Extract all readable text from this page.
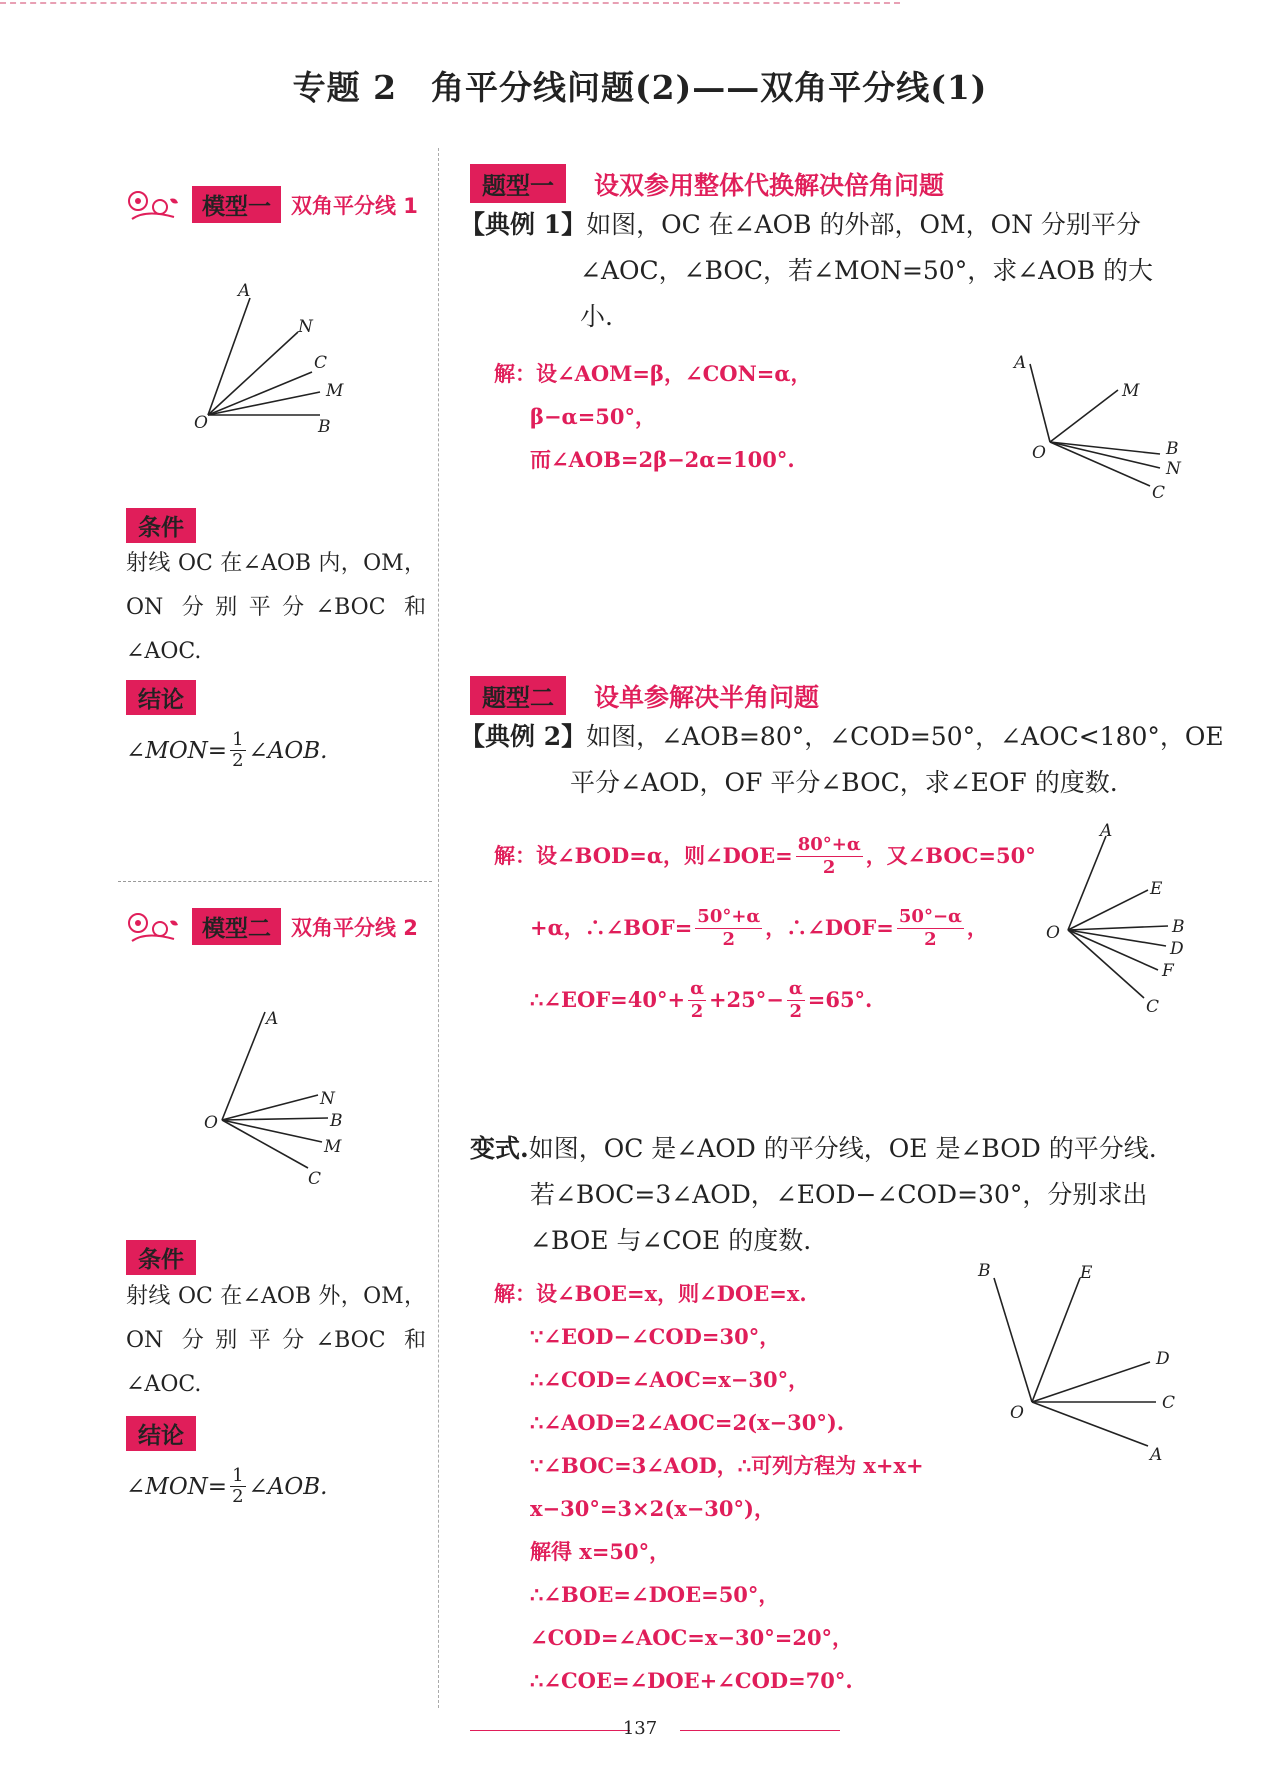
专题 2　角平分线问题(2)——双角平分线(1)
模型一 双角平分线 1
A
N
C
M
O	B
条件
射线 OC 在∠AOB 内，OM，ON 分别平分∠BOC 和∠AOC.
结论
∠MON= $\frac{1}{2}$ ∠AOB.
模型二 双角平分线 2
A
N
B
M
O
C
条件
射线 OC 在∠AOB 外，OM，ON 分别平分∠BOC 和∠AOC.
结论
∠MON= $\frac{1}{2}$ ∠AOB.
题型一	设双参用整体代换解决倍角问题
【典例 1】如图，OC 在∠AOB 的外部，OM，ON 分别平分
∠AOC，∠BOC，若∠MON=50°，求∠AOB 的大
小.
解：设∠AOM=β，∠CON=α，
β−α=50°，
而∠AOB=2β−2α=100°.
A
M
O	B
N
C
题型二	设单参解决半角问题
【典例 2】如图，∠AOB=80°，∠COD=50°，∠AOC<180°，OE
平分∠AOD，OF 平分∠BOC，求∠EOF 的度数.
解：设∠BOD=α，则∠DOE= $\frac{80^\circ+\alpha}{2}$ ，又∠BOC=50°
+α，∴∠BOF= $\frac{50^\circ+\alpha}{2}$ ，∴∠DOF= $\frac{50^\circ-\alpha}{2}$ ，
∴∠EOF=40°+ $\frac{\alpha}{2} +25^\circ- \frac{\alpha}{2} =65^\circ$.
A
E
O	B
D
F
C
变式.如图，OC 是∠AOD 的平分线，OE 是∠BOD 的平分线.
若∠BOC=3∠AOD，∠EOD−∠COD=30°，分别求出
∠BOE 与∠COE 的度数.
解：设∠BOE=x，则∠DOE=x.
∵∠EOD−∠COD=30°，
∴∠COD=∠AOC=x−30°，
∴∠AOD=2∠AOC=2(x−30°).
∵∠BOC=3∠AOD，∴可列方程为 x+x+
x−30°=3×2(x−30°)，
解得 x=50°，
∴∠BOE=∠DOE=50°，
∠COD=∠AOC=x−30°=20°，
∴∠COE=∠DOE+∠COD=70°.
B	E
D
O	C
A
137
